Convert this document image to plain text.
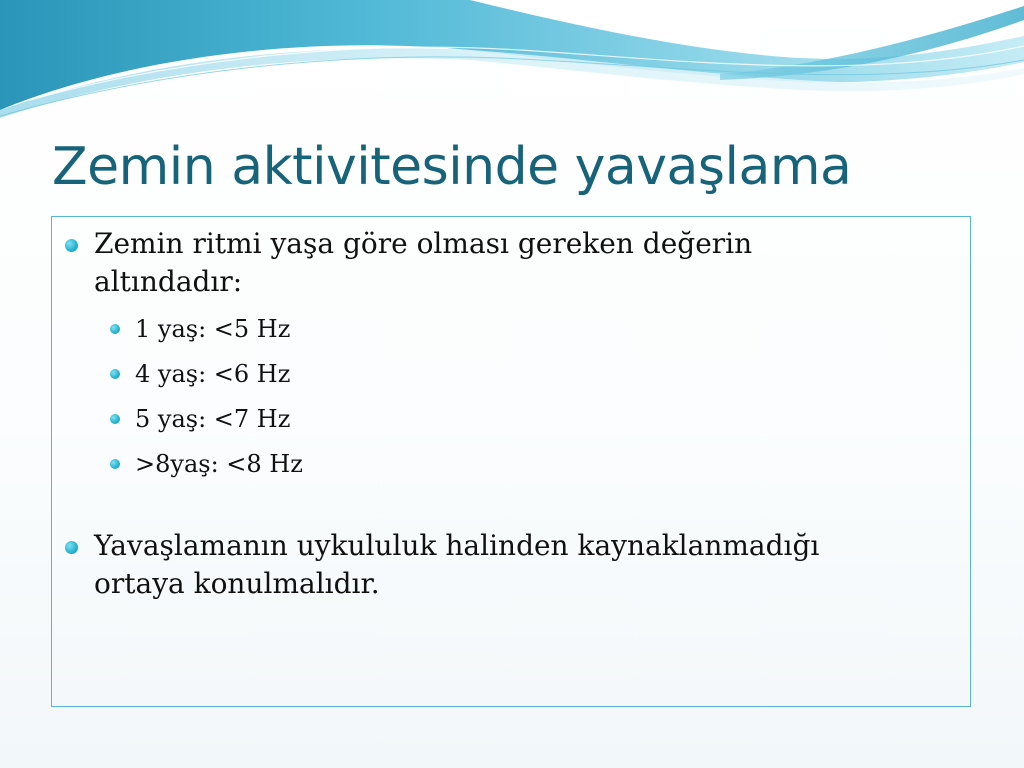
Zemin aktivitesinde yavaşlama
Zemin ritmi yaşa göre olması gereken değerin altındadır:
1 yaş: <5 Hz
4 yaş: <6 Hz
5 yaş: <7 Hz
>8yaş: <8 Hz
Yavaşlamanın uykululuk halinden kaynaklanmadığı ortaya konulmalıdır.
